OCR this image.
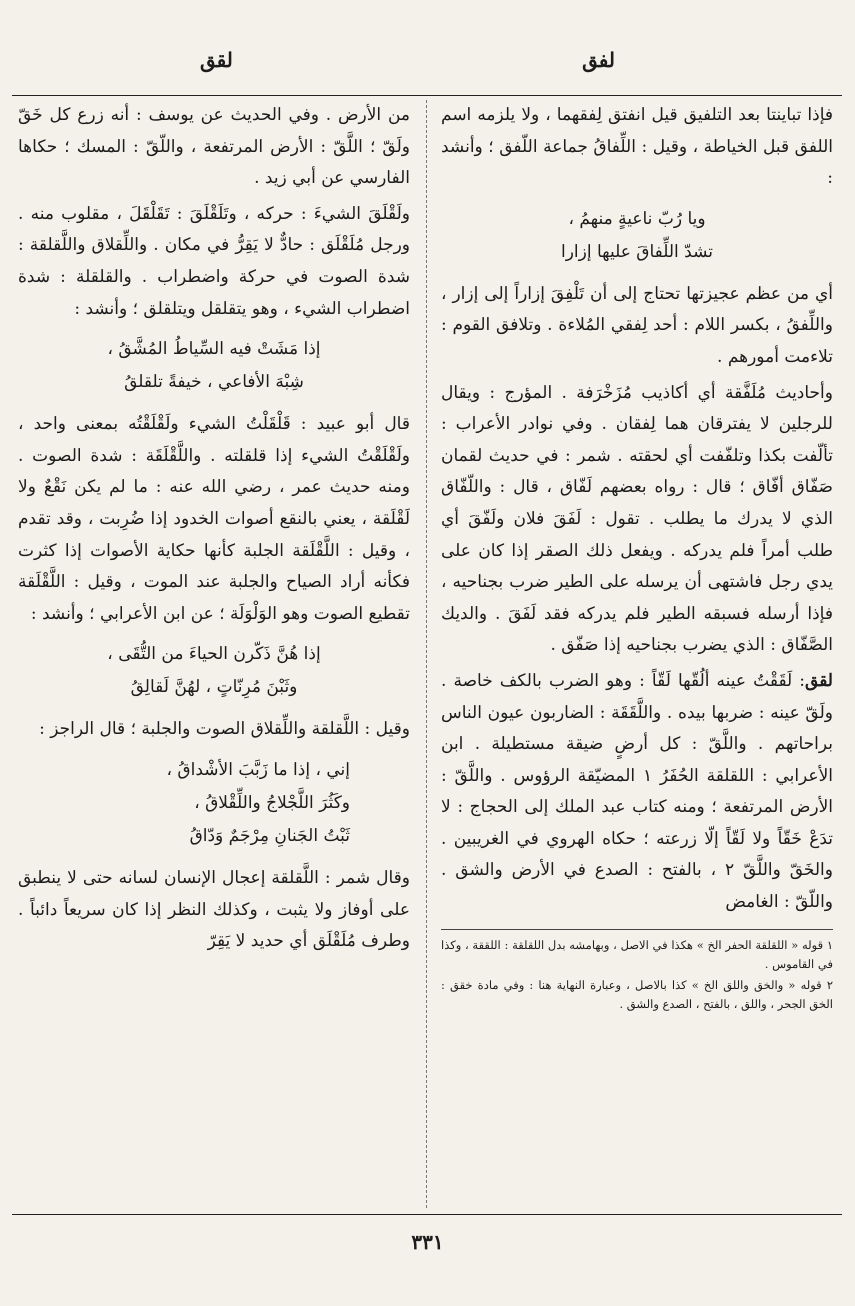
لفق
لقق

فإذا تباينتا بعد التلفيق قيل انفتق لِفقهما ، ولا يلزمه اسم اللفق قبل الخياطة ، وقيل : اللِّفاقُ جماعة اللّفق ؛ وأنشد :

ويا رُبّ ناعيةٍ منهمُ ،
تشدّ اللِّفاقَ عليها إزارا

أي من عظم عجيزتها تحتاج إلى أن تَلْفِقَ إزاراً إلى إزار ، واللِّفقُ ، بكسر اللام : أحد لِفقي المُلاءة . وتلافق القوم : تلاءمت أمورهم .

وأحاديث مُلَفَّقة أي أكاذيب مُزَخْرَفة . المؤرج : ويقال للرجلين لا يفترقان هما لِفقان . وفي نوادر الأعراب : تألّفت بكذا وتلفّفت أي لحقته . شمر : في حديث لقمان صَفّاق أفّاق ؛ قال : رواه بعضهم لَفّاق ، قال : واللّفّاق الذي لا يدرك ما يطلب . تقول : لَفَقَ فلان ولَفّقَ أي طلب أمراً فلم يدركه . ويفعل ذلك الصقر إذا كان على يدي رجل فاشتهى أن يرسله على الطير ضرب بجناحيه ، فإذا أرسله فسبقه الطير فلم يدركه فقد لَفَقَ . والديك الصَّفّاق : الذي يضرب بجناحيه إذا صَفّق .

لقق: لَقَقْتُ عينه ألُقّها لَقّاً : وهو الضرب بالكف خاصة . ولَقّ عينه : ضربها بيده . واللَّقَقَة : الضاربون عيون الناس براحاتهم . واللَّقّ : كل أرضٍ ضيقة مستطيلة . ابن الأعرابي : اللقلقة الحُفَرُ ١ المضيّقة الرؤوس . واللَّقّ : الأرض المرتفعة ؛ ومنه كتاب عبد الملك إلى الحجاج : لا تدَعْ خَقّاً ولا لَقّاً إلّا زرعته ؛ حكاه الهروي في الغريبين . والخَقّ واللَّقّ ٢ ، بالفتح : الصدع في الأرض والشق . واللّقّ : الغامض

١ قوله « اللقلقة الحفر الخ » هكذا في الاصل ، وبهامشه بدل اللقلقة : اللققة ، وكذا في القاموس .

٢ قوله « والخق واللق الخ » كذا بالاصل ، وعبارة النهاية هنا : وفي مادة خقق : الخق الجحر ، واللق ، بالفتح ، الصدع والشق .

من الأرض . وفي الحديث عن يوسف : أنه زرع كل خَقّ ولَقّ ؛ اللَّقّ : الأرض المرتفعة ، واللّقّ : المسك ؛ حكاها الفارسي عن أبي زيد .

ولَقْلَقَ الشيءَ : حركه ، وتَلَقْلَقَ : تَقَلْقَلَ ، مقلوب منه . ورجل مُلَقْلَق : حادٌّ لا يَقِرُّ في مكان . واللِّقلاق واللَّقلقة : شدة الصوت في حركة واضطراب . والقلقلة : شدة اضطراب الشيء ، وهو يتقلقل ويتلقلق ؛ وأنشد :

إذا مَشَتْ فيه السِّياطُ المُشَّقُ ،
شِبْهَ الأفاعي ، خيفةً تلقلقُ

قال أبو عبيد : قَلْقَلْتُ الشيء ولَقْلَقْتُه بمعنى واحد ، ولَقْلَقْتُ الشيء إذا قلقلته . واللَّقْلَقَة : شدة الصوت . ومنه حديث عمر ، رضي الله عنه : ما لم يكن نَقْعٌ ولا لَقْلَقة ، يعني بالنقع أصوات الخدود إذا ضُرِبت ، وقد تقدم ، وقيل : اللَّقْلَقة الجلبة كأنها حكاية الأصوات إذا كثرت فكأنه أراد الصياح والجلبة عند الموت ، وقيل : اللَّقْلَقة تقطيع الصوت وهو الوَلْوَلَة ؛ عن ابن الأعرابي ؛ وأنشد :

إذا هُنَّ ذَكّرن الحياءَ من التُّقَى ،
وثَبْنَ مُرِنّاتٍ ، لهُنَّ لَقالِقُ

وقيل : اللَّقلقة واللِّقلاق الصوت والجلبة ؛ قال الراجز :

إني ، إذا ما زَبَّبَ الأشْداقُ ،
وكَثُرَ اللَّجْلاجُ واللِّقْلاقُ ،
ثَبْتُ الجَنانِ مِرْجَمٌ وَدّاقُ

وقال شمر : اللَّقلقة إعجال الإنسان لسانه حتى لا ينطبق على أوفاز ولا يثبت ، وكذلك النظر إذا كان سريعاً دائباً . وطرف مُلَقْلَق أي حديد لا يَقِرّ

٣٣١
